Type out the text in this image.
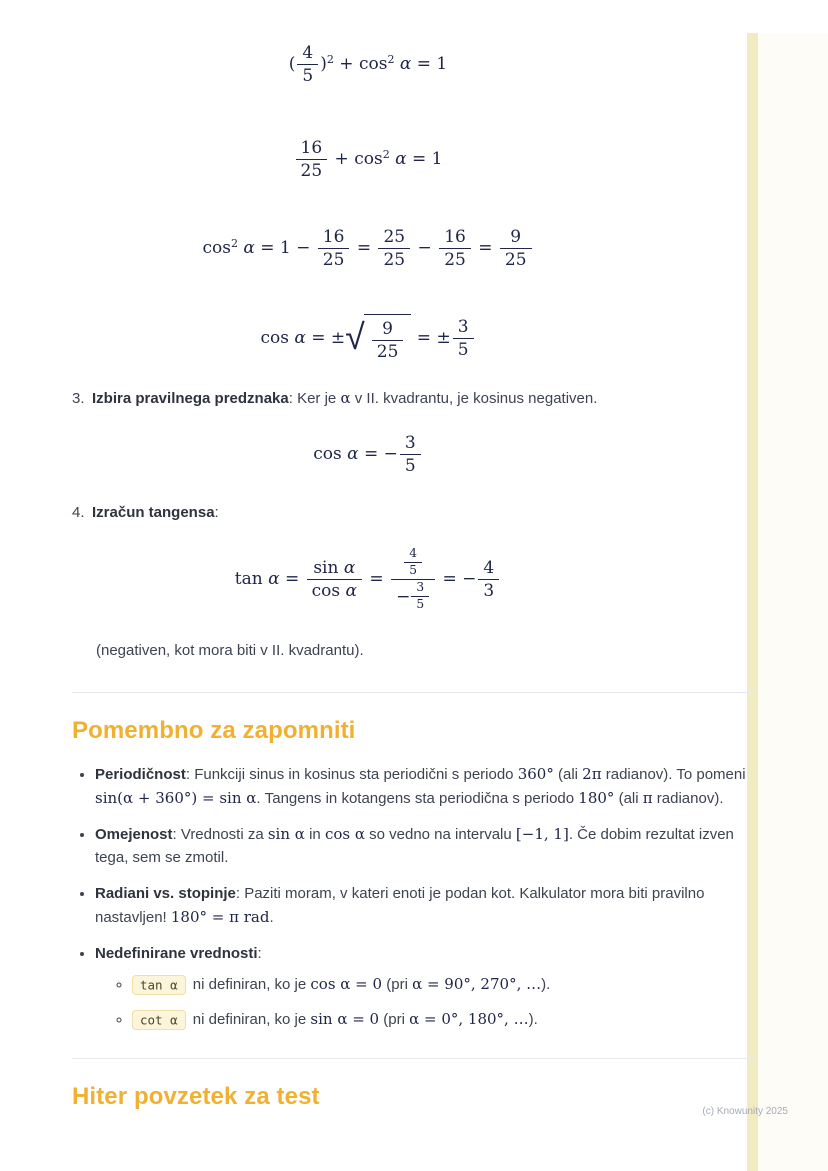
( $\frac{4}{5} )^2 + \cos^2 \alpha = 1$
$\frac{16}{25} + \cos^2 \alpha = 1$
$\cos^2 \alpha = 1 - \frac{16}{25} = \frac{25}{25} - \frac{16}{25} = \frac{9}{25}$
cos α = ± √ $\frac{9}{25}$ = ± $\frac{3}{5}$
3. Izbira pravilnega predznaka: Ker je α v II. kvadrantu, je kosinus negativen.
cos α = − $\frac{3}{5}$
4. Izračun tangensa:
$\tan \alpha = \frac{\text{sin α}}{\text{cos α}} = \frac{\frac{4}{5}}{- \frac{3}{5}}$ = − $\frac{4}{3}$
(negativen, kot mora biti v II. kvadrantu).
Pomembno za zapomniti
• Periodičnost: Funkciji sinus in kosinus sta periodični s periodo 360° (ali 2π radianov). To pomeni sin(α + 360°) = sin α. Tangens in kotangens sta periodična s periodo 180° (ali π radianov).
• Omejenost: Vrednosti za sin α in cos α so vedno na intervalu [−1, 1]. Če dobim rezultat izven tega, sem se zmotil.
• Radiani vs. stopinje: Paziti moram, v kateri enoti je podan kot. Kalkulator mora biti pravilno nastavljen! 180° = π rad.
• Nedefinirane vrednosti:
◦ tan α ni definiran, ko je cos α = 0 (pri α = 90°, 270°, …).
◦ cot α ni definiran, ko je sin α = 0 (pri α = 0°, 180°, …).
Hiter povzetek za test
(c) Knowunity 2025
